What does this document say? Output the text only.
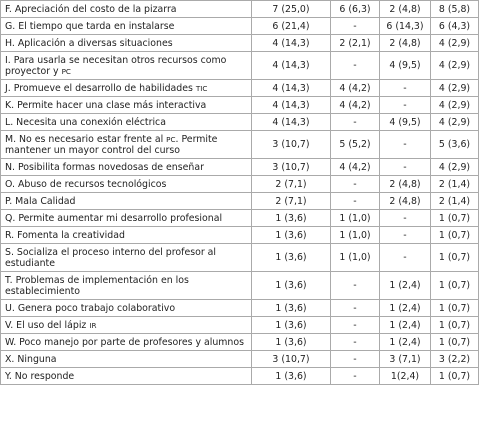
F. Apreciación del costo de la pizarra	7 (25,0)	6 (6,3)	2 (4,8)	8 (5,8)
G. El tiempo que tarda en instalarse	6 (21,4)	-	6 (14,3)	6 (4,3)
H. Aplicación a diversas situaciones	4 (14,3)	2 (2,1)	2 (4,8)	4 (2,9)
I. Para usarla se necesitan otros recursos como proyector y PC	4 (14,3)	-	4 (9,5)	4 (2,9)
J. Promueve el desarrollo de habilidades TIC	4 (14,3)	4 (4,2)	-	4 (2,9)
K. Permite hacer una clase más interactiva	4 (14,3)	4 (4,2)	-	4 (2,9)
L. Necesita una conexión eléctrica	4 (14,3)	-	4 (9,5)	4 (2,9)
M. No es necesario estar frente al PC. Permite mantener un mayor control del curso	3 (10,7)	5 (5,2)	-	5 (3,6)
N. Posibilita formas novedosas de enseñar	3 (10,7)	4 (4,2)	-	4 (2,9)
O. Abuso de recursos tecnológicos	2 (7,1)	-	2 (4,8)	2 (1,4)
P. Mala Calidad	2 (7,1)	-	2 (4,8)	2 (1,4)
Q. Permite aumentar mi desarrollo profesional	1 (3,6)	1 (1,0)	-	1 (0,7)
R. Fomenta la creatividad	1 (3,6)	1 (1,0)	-	1 (0,7)
S. Socializa el proceso interno del profesor al estudiante	1 (3,6)	1 (1,0)	-	1 (0,7)
T. Problemas de implementación en los establecimiento	1 (3,6)	-	1 (2,4)	1 (0,7)
U. Genera poco trabajo colaborativo	1 (3,6)	-	1 (2,4)	1 (0,7)
V. El uso del lápiz IR	1 (3,6)	-	1 (2,4)	1 (0,7)
W. Poco manejo por parte de profesores y alumnos	1 (3,6)	-	1 (2,4)	1 (0,7)
X. Ninguna	3 (10,7)	-	3 (7,1)	3 (2,2)
Y. No responde	1 (3,6)	-	1(2,4)	1 (0,7)
